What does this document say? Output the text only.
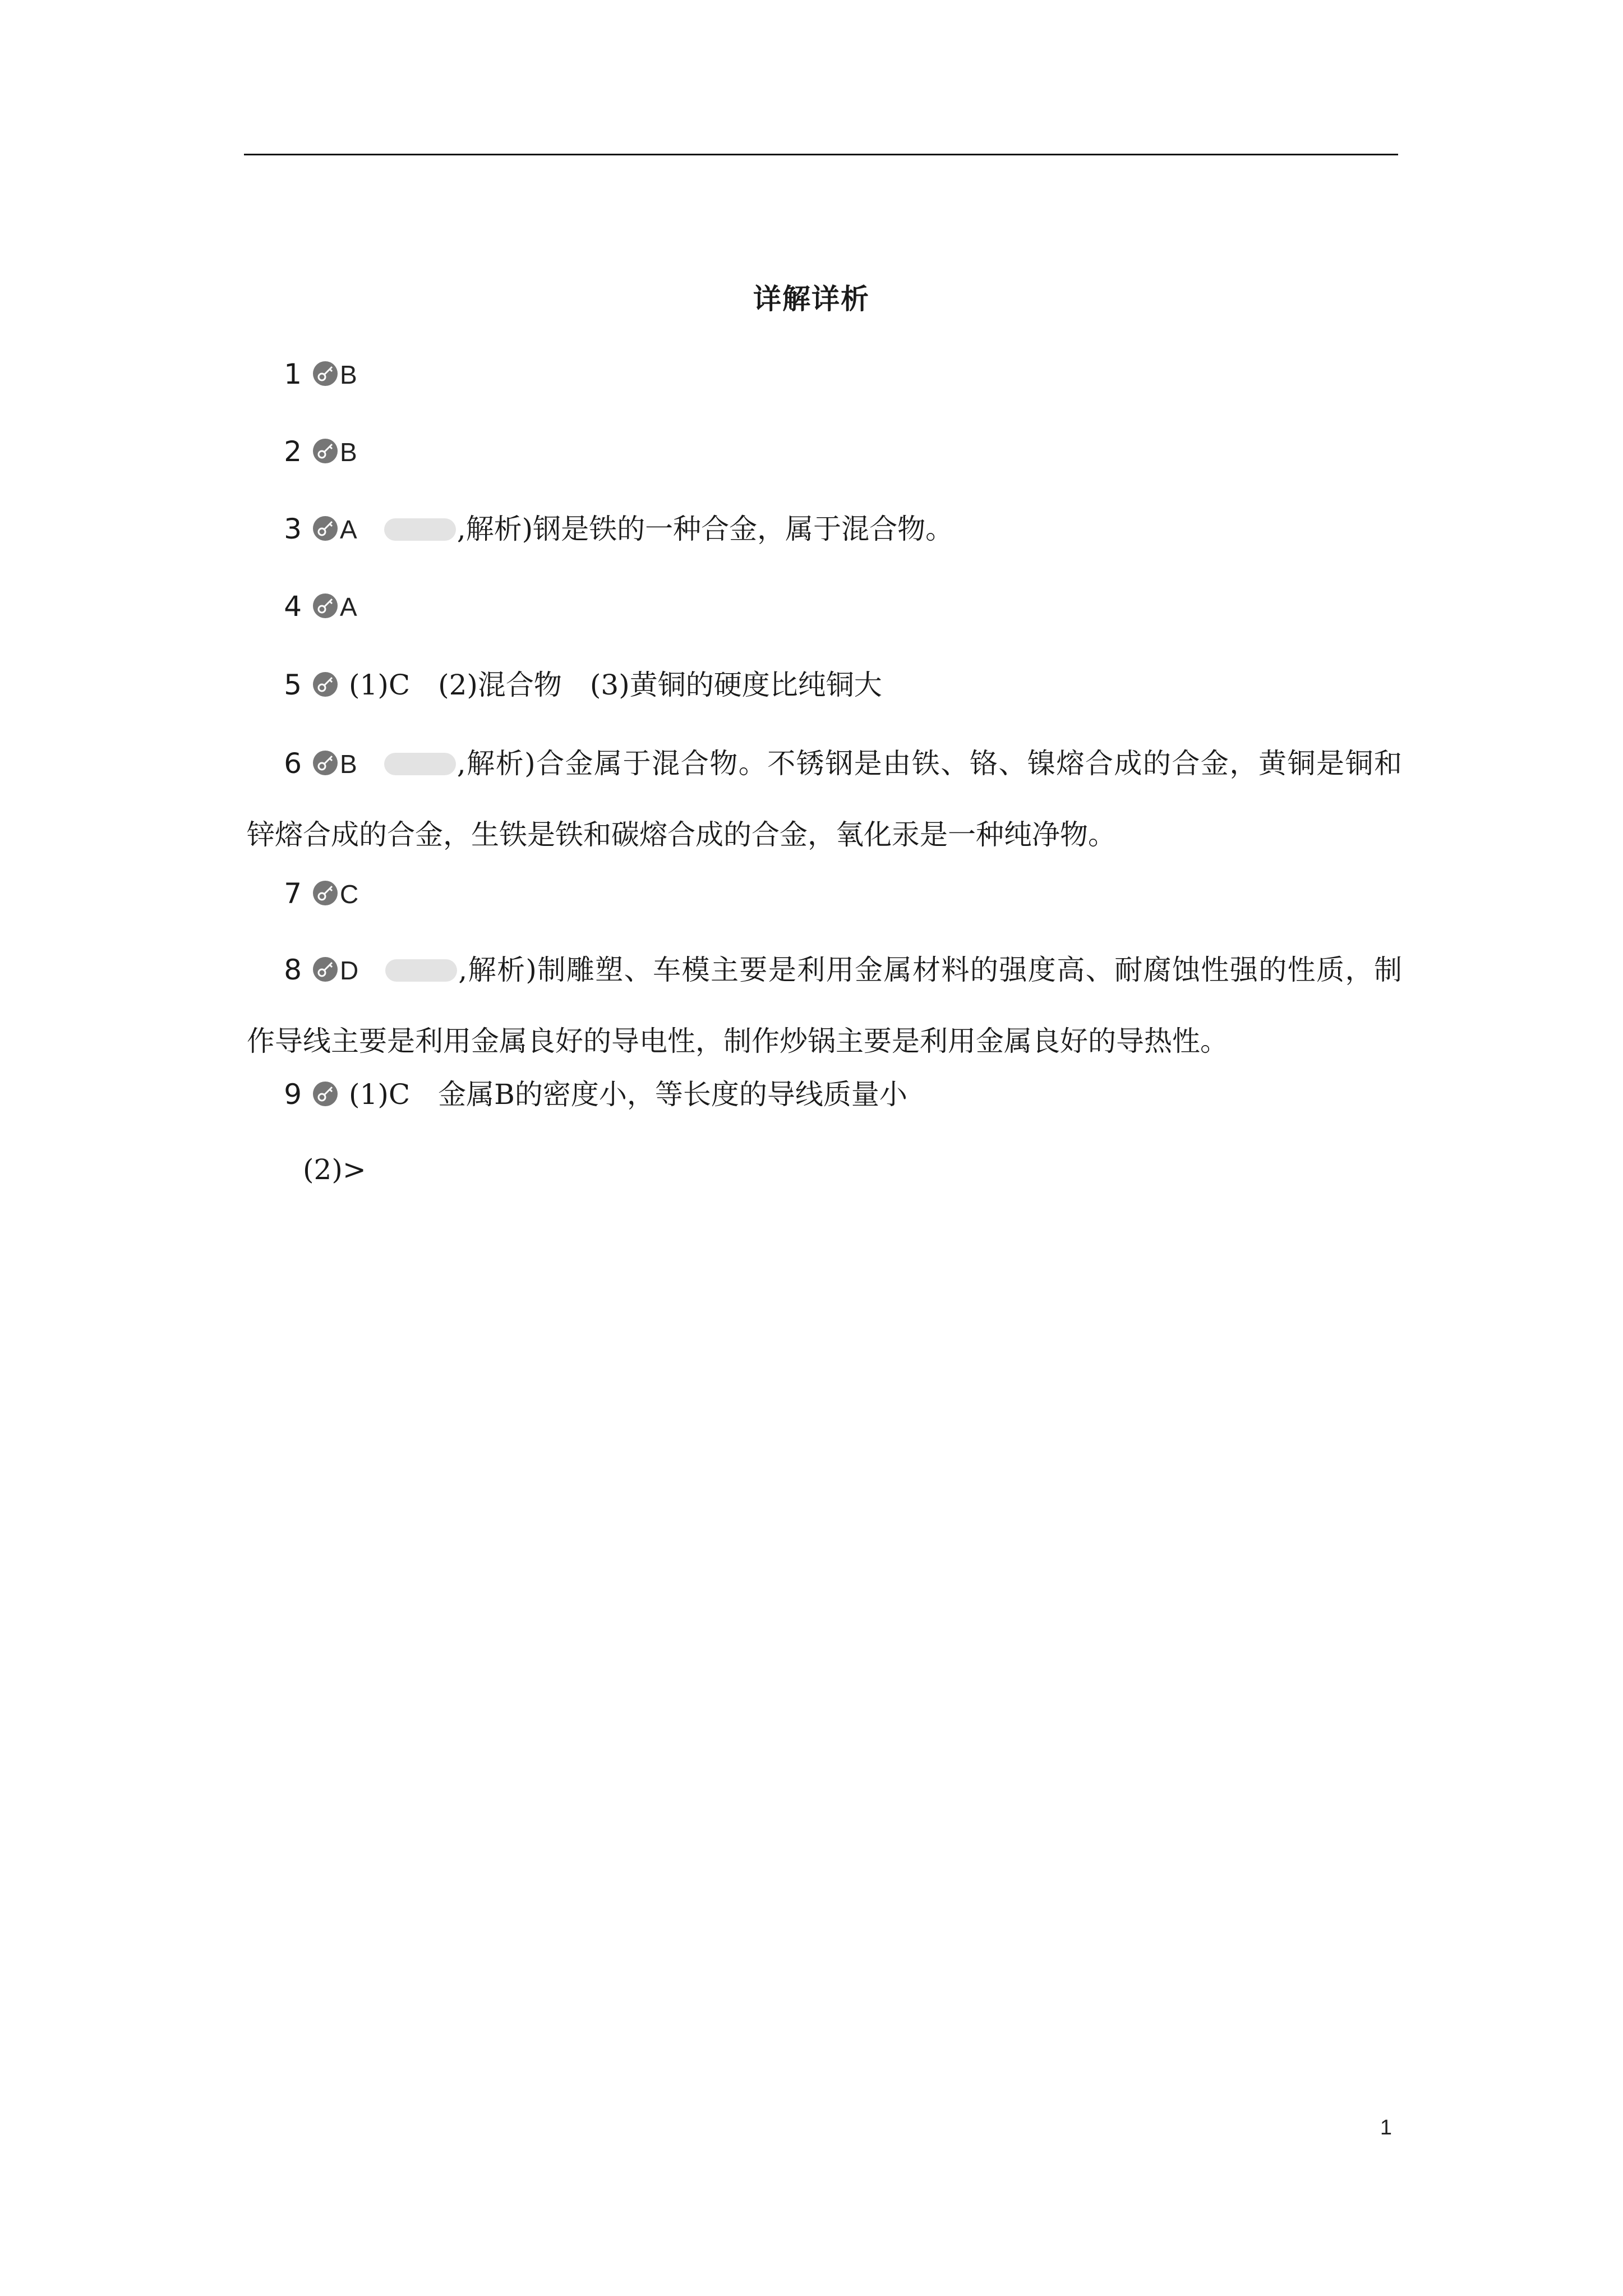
详解详析
1 B
2 B
3 A	,解析)钢是铁的一种合金，属于混合物。
4 A
5 (1)C　(2)混合物　(3)黄铜的硬度比纯铜大
6 B	,解析)合金属于混合物。不锈钢是由铁、铬、镍熔合成的合金，黄铜是铜和锌熔合成的合金，生铁是铁和碳熔合成的合金，氧化汞是一种纯净物。
7 C
8 D	,解析)制雕塑、车模主要是利用金属材料的强度高、耐腐蚀性强的性质，制作导线主要是利用金属良好的导电性，制作炒锅主要是利用金属良好的导热性。
9 (1)C　金属B的密度小，等长度的导线质量小
(2)>
1
